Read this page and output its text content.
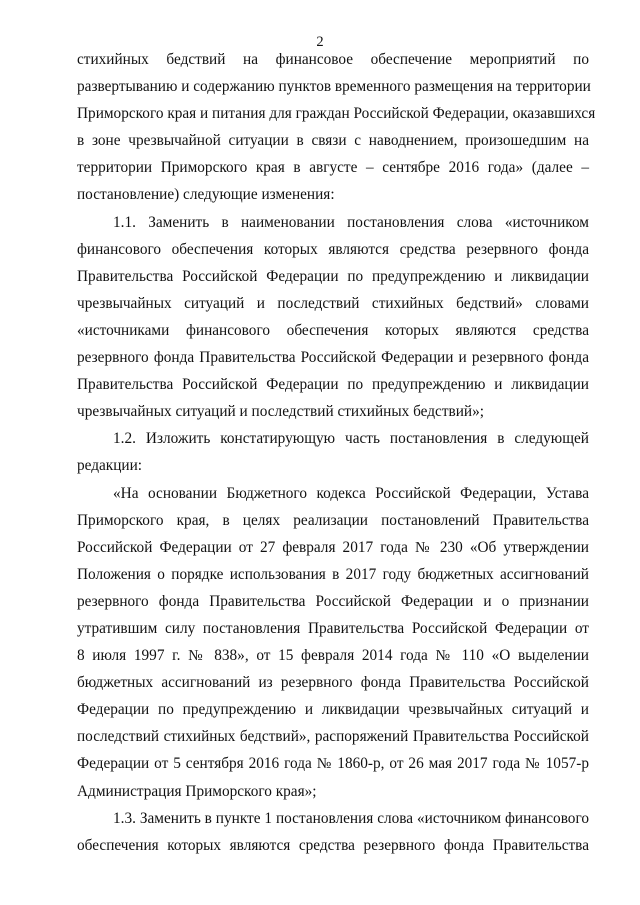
2
стихийных бедствий на финансовое обеспечение мероприятий по
развертыванию и содержанию пунктов временного размещения на территории
Приморского края и питания для граждан Российской Федерации, оказавшихся
в зоне чрезвычайной ситуации в связи с наводнением, произошедшим на
территории Приморского края в августе – сентябре 2016 года» (далее –
постановление) следующие изменения:
1.1. Заменить в наименовании постановления слова «источником
финансового обеспечения которых являются средства резервного фонда
Правительства Российской Федерации по предупреждению и ликвидации
чрезвычайных ситуаций и последствий стихийных бедствий» словами
«источниками финансового обеспечения которых являются средства
резервного фонда Правительства Российской Федерации и резервного фонда
Правительства Российской Федерации по предупреждению и ликвидации
чрезвычайных ситуаций и последствий стихийных бедствий»;
1.2. Изложить констатирующую часть постановления в следующей
редакции:
«На основании Бюджетного кодекса Российской Федерации, Устава
Приморского края, в целях реализации постановлений Правительства
Российской Федерации от 27 февраля 2017 года № 230 «Об утверждении
Положения о порядке использования в 2017 году бюджетных ассигнований
резервного фонда Правительства Российской Федерации и о признании
утратившим силу постановления Правительства Российской Федерации от
8 июля 1997 г. № 838», от 15 февраля 2014 года № 110 «О выделении
бюджетных ассигнований из резервного фонда Правительства Российской
Федерации по предупреждению и ликвидации чрезвычайных ситуаций и
последствий стихийных бедствий», распоряжений Правительства Российской
Федерации от 5 сентября 2016 года № 1860-р, от 26 мая 2017 года № 1057-р
Администрация Приморского края»;
1.3. Заменить в пункте 1 постановления слова «источником финансового
обеспечения которых являются средства резервного фонда Правительства
